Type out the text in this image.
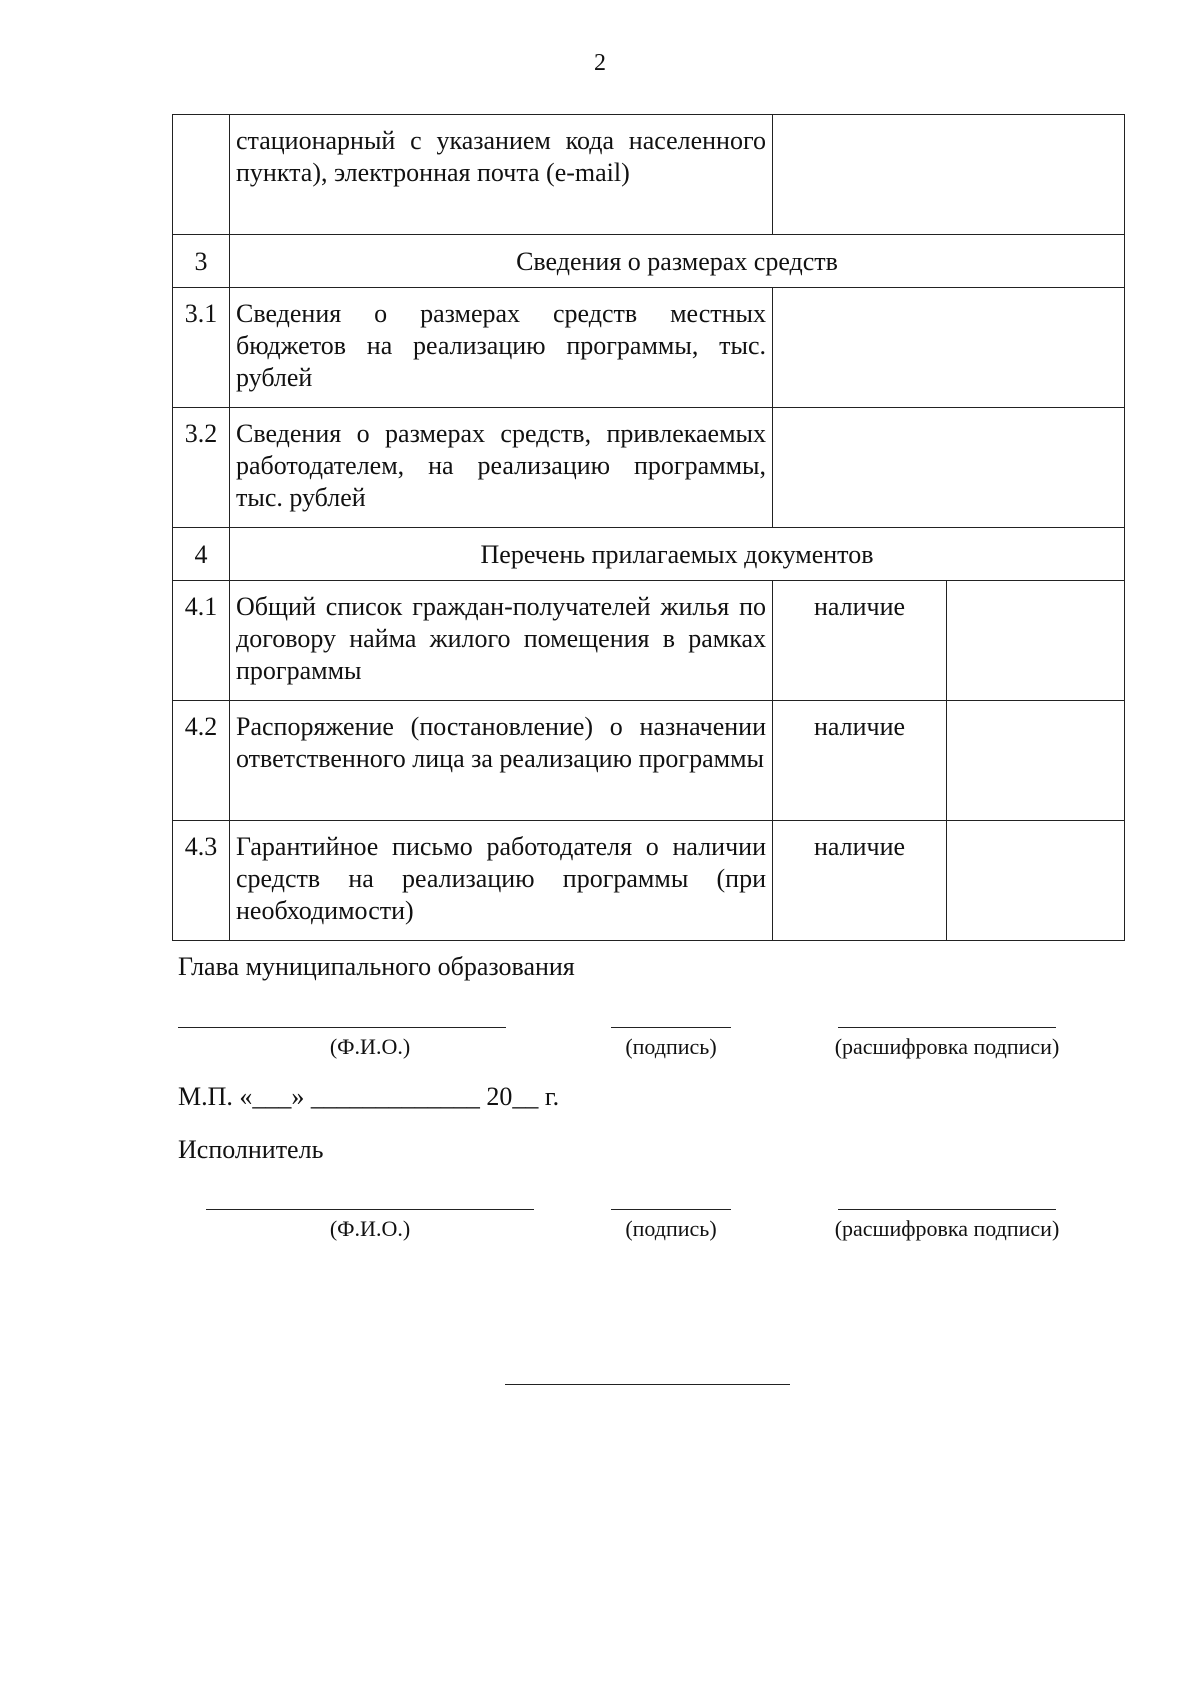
2
	стационарный с указанием кода населенного пункта), электронная почта (e-mail)		
3	Сведения о размерах средств		
3.1	Сведения о размерах средств местных бюджетов на реализацию программы, тыс. рублей		
3.2	Сведения о размерах средств, привлекаемых работодателем, на реализацию программы, тыс. рублей		
4	Перечень прилагаемых документов		
4.1	Общий список граждан-получателей жилья по договору найма жилого помещения в рамках программы	наличие	
4.2	Распоряжение (постановление) о назначении ответственного лица за реализацию программы	наличие	
4.3	Гарантийное письмо работодателя о наличии средств на реализацию программы (при необходимости)	наличие	
Глава муниципального образования
(Ф.И.О.)	(подпись)	(расшифровка подписи)
М.П. «___» _____________ 20__ г.
Исполнитель
(Ф.И.О.)	(подпись)	(расшифровка подписи)
